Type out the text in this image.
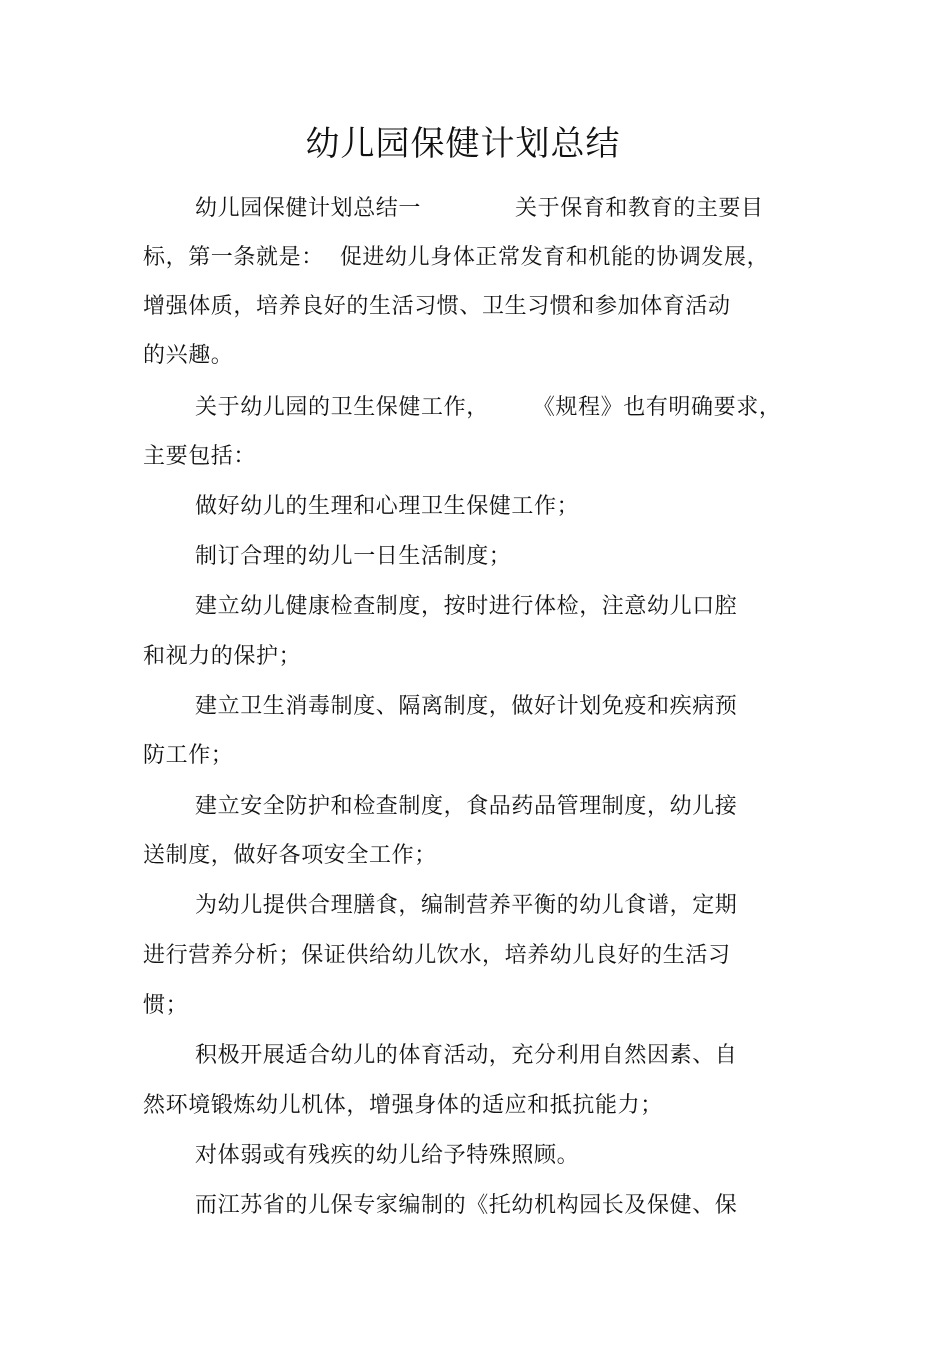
幼儿园保健计划总结
幼儿园保健计划总结一	关于保育和教育的主要目
标，第一条就是： 促进幼儿身体正常发育和机能的协调发展，
增强体质，培养良好的生活习惯、卫生习惯和参加体育活动
的兴趣。
关于幼儿园的卫生保健工作， 《规程》也有明确要求，
主要包括：
做好幼儿的生理和心理卫生保健工作；
制订合理的幼儿一日生活制度；
建立幼儿健康检查制度，按时进行体检，注意幼儿口腔
和视力的保护；
建立卫生消毒制度、隔离制度，做好计划免疫和疾病预
防工作；
建立安全防护和检查制度，食品药品管理制度，幼儿接
送制度，做好各项安全工作；
为幼儿提供合理膳食，编制营养平衡的幼儿食谱，定期
进行营养分析；保证供给幼儿饮水，培养幼儿良好的生活习
惯；
积极开展适合幼儿的体育活动，充分利用自然因素、自
然环境锻炼幼儿机体，增强身体的适应和抵抗能力；
对体弱或有残疾的幼儿给予特殊照顾。
而江苏省的儿保专家编制的《托幼机构园长及保健、保
